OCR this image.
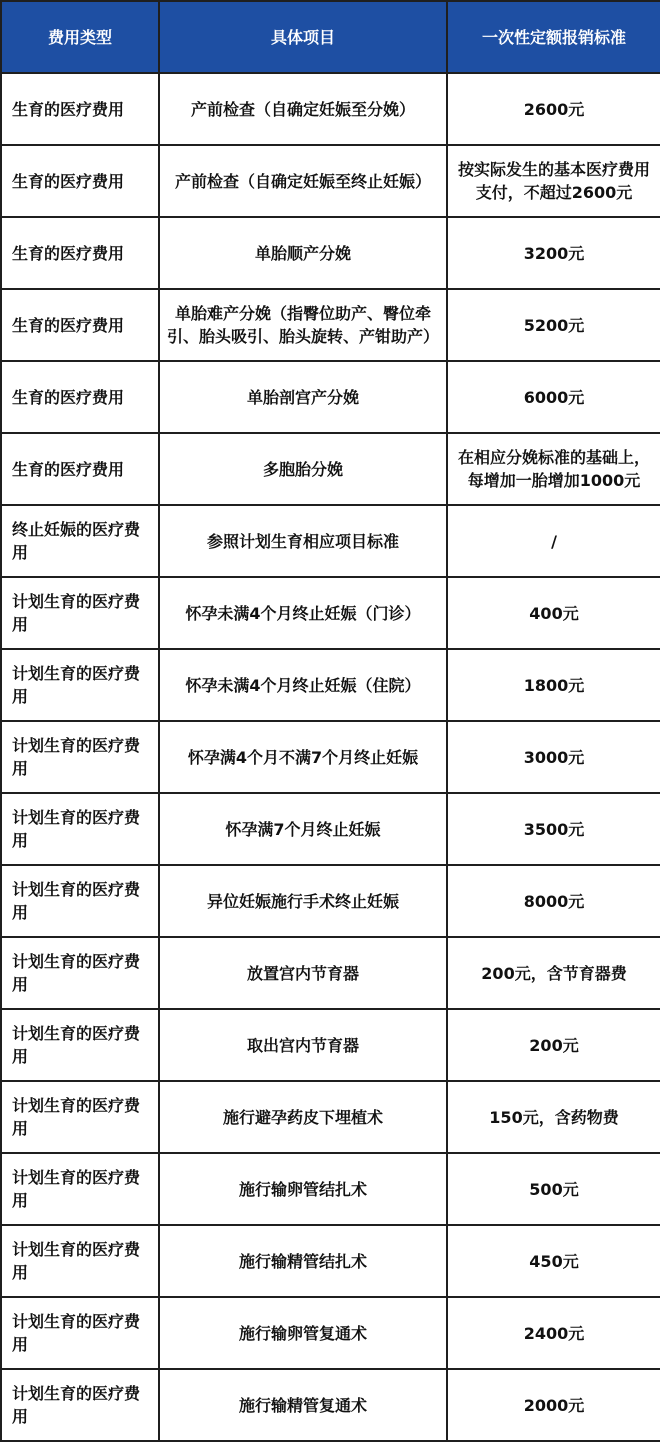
费用类型	具体项目	一次性定额报销标准
生育的医疗费用	产前检查（自确定妊娠至分娩）	2600元
生育的医疗费用	产前检查（自确定妊娠至终止妊娠）	按实际发生的基本医疗费用支付，不超过2600元
生育的医疗费用	单胎顺产分娩	3200元
生育的医疗费用	单胎难产分娩（指臀位助产、臀位牵引、胎头吸引、胎头旋转、产钳助产）	5200元
生育的医疗费用	单胎剖宫产分娩	6000元
生育的医疗费用	多胞胎分娩	在相应分娩标准的基础上，每增加一胎增加1000元
终止妊娠的医疗费用	参照计划生育相应项目标准	/
计划生育的医疗费用	怀孕未满4个月终止妊娠（门诊）	400元
计划生育的医疗费用	怀孕未满4个月终止妊娠（住院）	1800元
计划生育的医疗费用	怀孕满4个月不满7个月终止妊娠	3000元
计划生育的医疗费用	怀孕满7个月终止妊娠	3500元
计划生育的医疗费用	异位妊娠施行手术终止妊娠	8000元
计划生育的医疗费用	放置宫内节育器	200元，含节育器费
计划生育的医疗费用	取出宫内节育器	200元
计划生育的医疗费用	施行避孕药皮下埋植术	150元，含药物费
计划生育的医疗费用	施行输卵管结扎术	500元
计划生育的医疗费用	施行输精管结扎术	450元
计划生育的医疗费用	施行输卵管复通术	2400元
计划生育的医疗费用	施行输精管复通术	2000元
